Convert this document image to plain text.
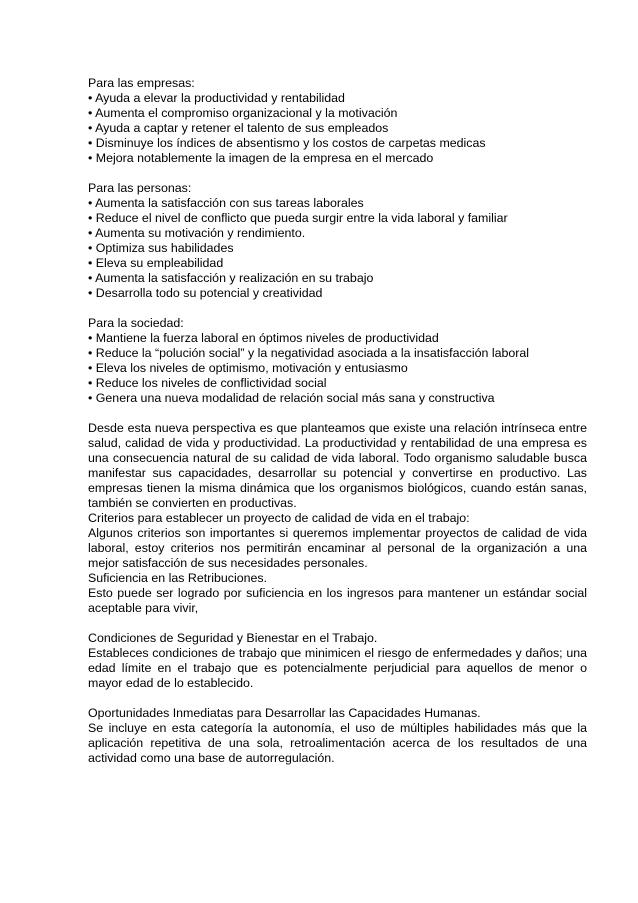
Para las empresas:

• Ayuda a elevar la productividad y rentabilidad

• Aumenta el compromiso organizacional y la motivación

• Ayuda a captar y retener el talento de sus empleados

• Disminuye los índices de absentismo y los costos de carpetas medicas

• Mejora notablemente la imagen de la empresa en el mercado

Para las personas:

• Aumenta la satisfacción con sus tareas laborales

• Reduce el nivel de conflicto que pueda surgir entre la vida laboral y familiar

• Aumenta su motivación y rendimiento.

• Optimiza sus habilidades

• Eleva su empleabilidad

• Aumenta la satisfacción y realización en su trabajo

• Desarrolla todo su potencial y creatividad

Para la sociedad:

• Mantiene la fuerza laboral en óptimos niveles de productividad

• Reduce la “polución social” y la negatividad asociada a la insatisfacción laboral

• Eleva los niveles de optimismo, motivación y entusiasmo

• Reduce los niveles de conflictividad social

• Genera una nueva modalidad de relación social más sana y constructiva

Desde esta nueva perspectiva es que planteamos que existe una relación intrínseca entre salud, calidad de vida y productividad. La productividad y rentabilidad de una empresa es una consecuencia natural de su calidad de vida laboral. Todo organismo saludable busca manifestar sus capacidades, desarrollar su potencial y convertirse en productivo. Las empresas tienen la misma dinámica que los organismos biológicos, cuando están sanas, también se convierten en productivas.

Criterios para establecer un proyecto de calidad de vida en el trabajo:

Algunos criterios son importantes si queremos implementar proyectos de calidad de vida laboral, estoy criterios nos permitirán encaminar al personal de la organización a una mejor satisfacción de sus necesidades personales.

Suficiencia en las Retribuciones.

Esto puede ser logrado por suficiencia en los ingresos para mantener un estándar social aceptable para vivir,

Condiciones de Seguridad y Bienestar en el Trabajo.

Estableces condiciones de trabajo que minimicen el riesgo de enfermedades y daños; una edad límite en el trabajo que es potencialmente perjudicial para aquellos de menor o mayor edad de lo establecido.

Oportunidades Inmediatas para Desarrollar las Capacidades Humanas.

Se incluye en esta categoría la autonomía, el uso de múltiples habilidades más que la aplicación repetitiva de una sola, retroalimentación acerca de los resultados de una actividad como una base de autorregulación.
